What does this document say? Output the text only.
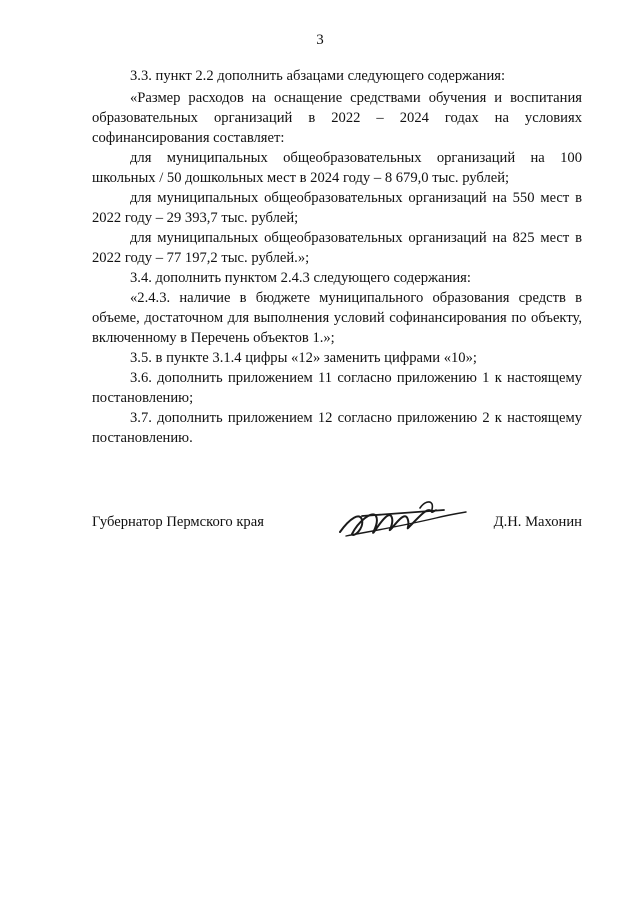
3

3.3. пункт 2.2 дополнить абзацами следующего содержания:

«Размер расходов на оснащение средствами обучения и воспитания образовательных организаций в 2022 – 2024 годах на условиях софинансирования составляет:

для муниципальных общеобразовательных организаций на 100 школьных / 50 дошкольных мест в 2024 году – 8 679,0 тыс. рублей;

для муниципальных общеобразовательных организаций на 550 мест в 2022 году – 29 393,7 тыс. рублей;

для муниципальных общеобразовательных организаций на 825 мест в 2022 году – 77 197,2 тыс. рублей.»;

3.4. дополнить пунктом 2.4.3 следующего содержания:

«2.4.3. наличие в бюджете муниципального образования средств в объеме, достаточном для выполнения условий софинансирования по объекту, включенному в Перечень объектов 1.»;

3.5. в пункте 3.1.4 цифры «12» заменить цифрами «10»;

3.6. дополнить приложением 11 согласно приложению 1 к настоящему постановлению;

3.7. дополнить приложением 12 согласно приложению 2 к настоящему постановлению.

Губернатор Пермского края	Д.Н. Махонин
